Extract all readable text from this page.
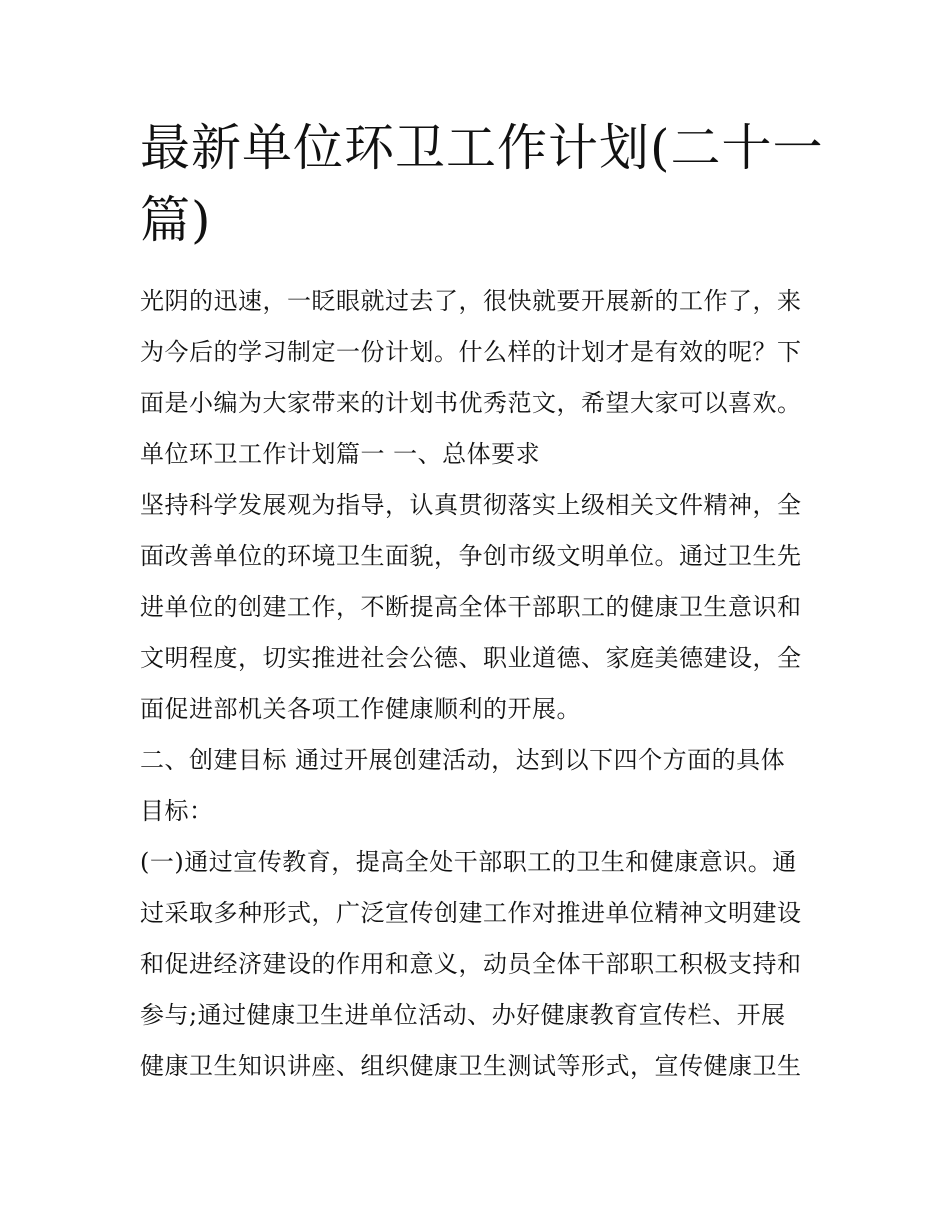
最新单位环卫工作计划(二十一
篇)
光阴的迅速，一眨眼就过去了，很快就要开展新的工作了，来
为今后的学习制定一份计划。什么样的计划才是有效的呢？下
面是小编为大家带来的计划书优秀范文，希望大家可以喜欢。
单位环卫工作计划篇一 一、总体要求
坚持科学发展观为指导，认真贯彻落实上级相关文件精神，全
面改善单位的环境卫生面貌，争创市级文明单位。通过卫生先
进单位的创建工作，不断提高全体干部职工的健康卫生意识和
文明程度，切实推进社会公德、职业道德、家庭美德建设，全
面促进部机关各项工作健康顺利的开展。
二、创建目标 通过开展创建活动，达到以下四个方面的具体
目标：
(一)通过宣传教育，提高全处干部职工的卫生和健康意识。通
过采取多种形式，广泛宣传创建工作对推进单位精神文明建设
和促进经济建设的作用和意义，动员全体干部职工积极支持和
参与;通过健康卫生进单位活动、办好健康教育宣传栏、开展
健康卫生知识讲座、组织健康卫生测试等形式，宣传健康卫生
